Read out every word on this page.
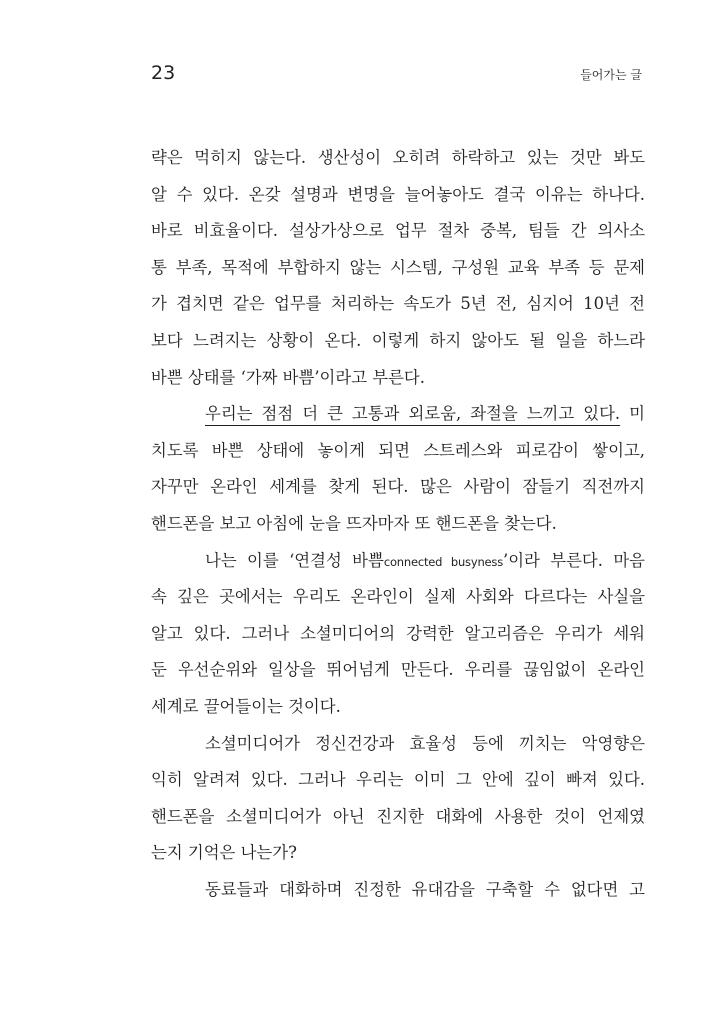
23	들어가는 글
략은 먹히지 않는다. 생산성이 오히려 하락하고 있는 것만 봐도
알 수 있다. 온갖 설명과 변명을 늘어놓아도 결국 이유는 하나다.
바로 비효율이다. 설상가상으로 업무 절차 중복, 팀들 간 의사소
통 부족, 목적에 부합하지 않는 시스템, 구성원 교육 부족 등 문제
가 겹치면 같은 업무를 처리하는 속도가 5년 전, 심지어 10년 전
보다 느려지는 상황이 온다. 이렇게 하지 않아도 될 일을 하느라
바쁜 상태를 ‘가짜 바쁨’이라고 부른다.
우리는 점점 더 큰 고통과 외로움, 좌절을 느끼고 있다. 미
치도록 바쁜 상태에 놓이게 되면 스트레스와 피로감이 쌓이고,
자꾸만 온라인 세계를 찾게 된다. 많은 사람이 잠들기 직전까지
핸드폰을 보고 아침에 눈을 뜨자마자 또 핸드폰을 찾는다.
나는 이를 ‘연결성 바쁨connected busyness’이라 부른다. 마음
속 깊은 곳에서는 우리도 온라인이 실제 사회와 다르다는 사실을
알고 있다. 그러나 소셜미디어의 강력한 알고리즘은 우리가 세워
둔 우선순위와 일상을 뛰어넘게 만든다. 우리를 끊임없이 온라인
세계로 끌어들이는 것이다.
소셜미디어가 정신건강과 효율성 등에 끼치는 악영향은
익히 알려져 있다. 그러나 우리는 이미 그 안에 깊이 빠져 있다.
핸드폰을 소셜미디어가 아닌 진지한 대화에 사용한 것이 언제였
는지 기억은 나는가?
동료들과 대화하며 진정한 유대감을 구축할 수 없다면 고
